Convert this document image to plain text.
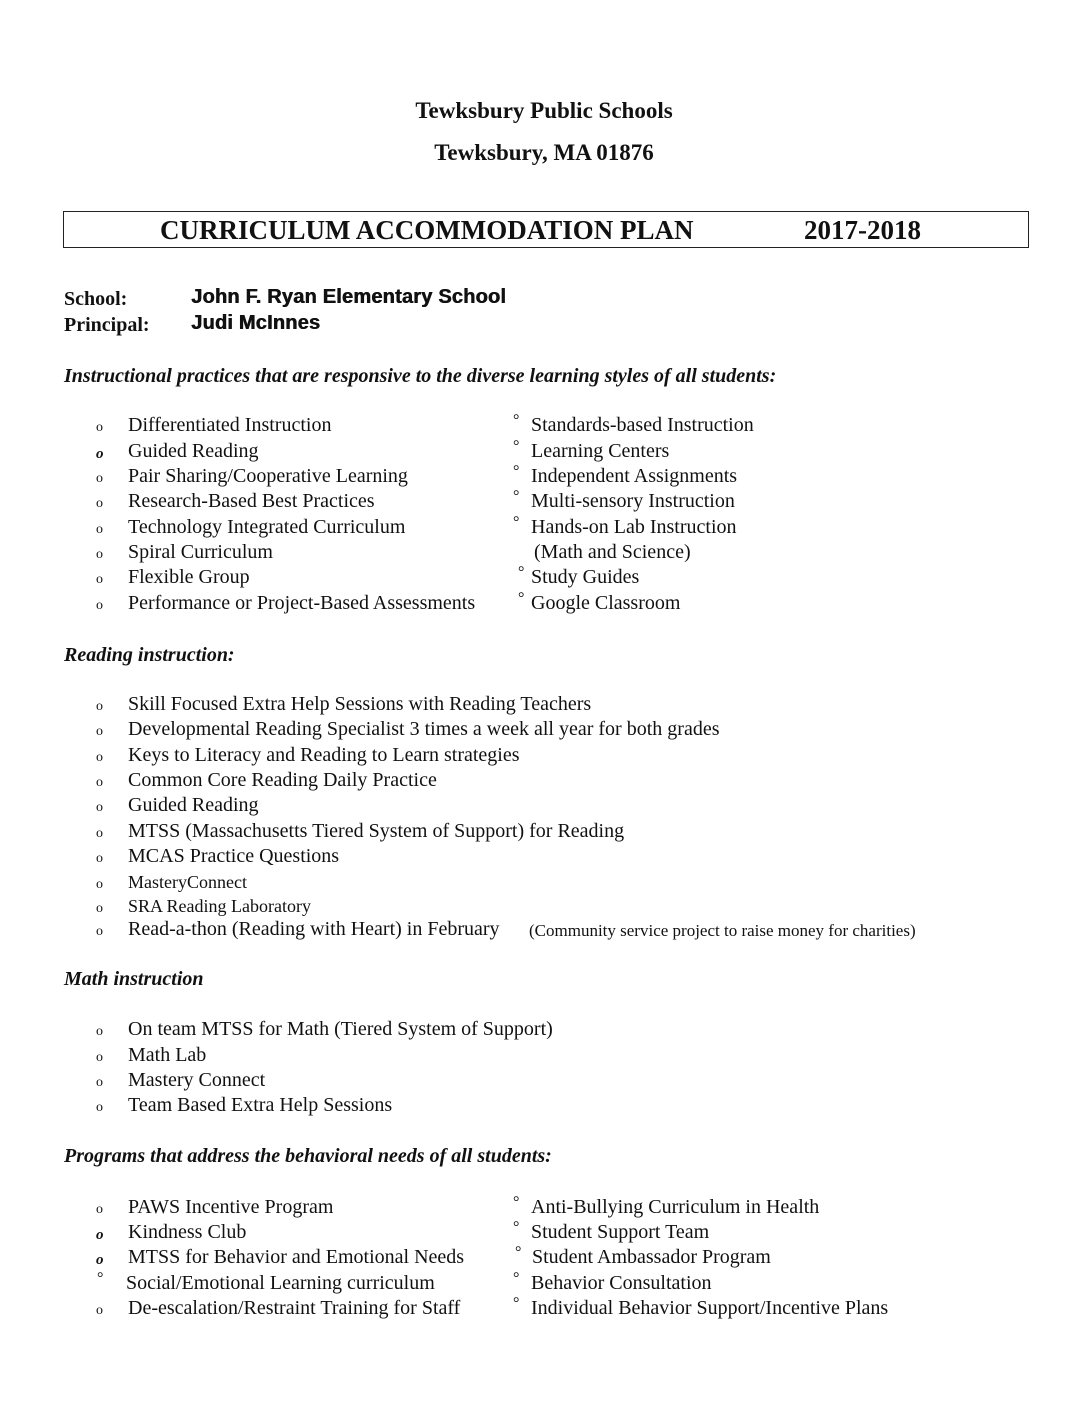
Tewksbury Public Schools
Tewksbury, MA 01876
CURRICULUM ACCOMMODATION PLAN	2017-2018
School:	John F. Ryan Elementary School
Principal: Judi McInnes
Instructional practices that are responsive to the diverse learning styles of all students:
o Differentiated Instruction	° Standards-based Instruction
o Guided Reading	° Learning Centers
o Pair Sharing/Cooperative Learning	° Independent Assignments
o Research-Based Best Practices	° Multi-sensory Instruction
o Technology Integrated Curriculum	° Hands-on Lab Instruction
o Spiral Curriculum	(Math and Science)
o Flexible Group	° Study Guides
o Performance or Project-Based Assessments	° Google Classroom
Reading instruction:
o Skill Focused Extra Help Sessions with Reading Teachers
o Developmental Reading Specialist 3 times a week all year for both grades
o Keys to Literacy and Reading to Learn strategies
o Common Core Reading Daily Practice
o Guided Reading
o MTSS (Massachusetts Tiered System of Support) for Reading
o MCAS Practice Questions
o MasteryConnect
o SRA Reading Laboratory
o Read-a-thon (Reading with Heart) in February (Community service project to raise money for charities)
Math instruction
o On team MTSS for Math (Tiered System of Support)
o Math Lab
o Mastery Connect
o Team Based Extra Help Sessions
Programs that address the behavioral needs of all students:
o PAWS Incentive Program	° Anti-Bullying Curriculum in Health
o Kindness Club	° Student Support Team
o MTSS for Behavior and Emotional Needs	° Student Ambassador Program
° Social/Emotional Learning curriculum	° Behavior Consultation
o De-escalation/Restraint Training for Staff	° Individual Behavior Support/Incentive Plans
